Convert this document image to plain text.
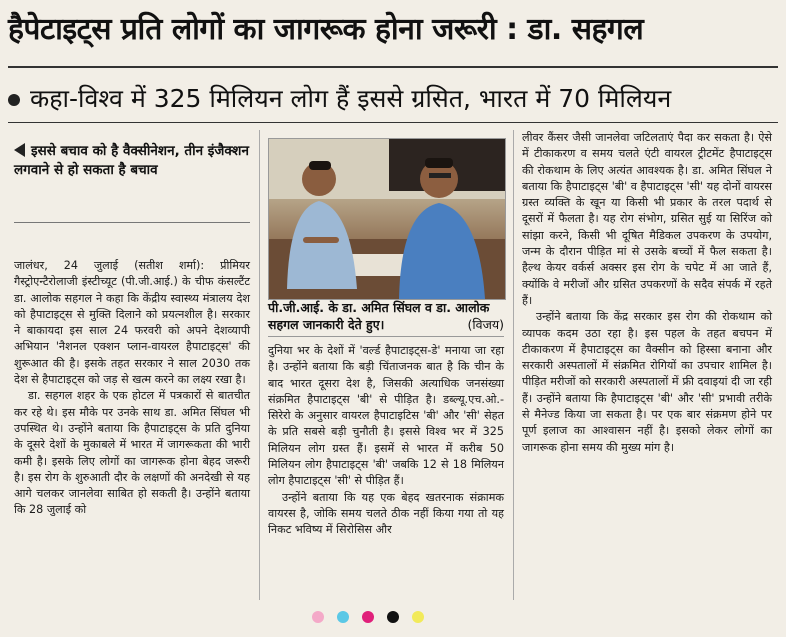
हैपेटाइट्स प्रति लोगों का जागरूक होना जरूरी : डा. सहगल
कहा-विश्व में 325 मिलियन लोग हैं इससे ग्रसित, भारत में 70 मिलियन
इससे बचाव को है वैक्सीनेशन, तीन इंजैक्शन लगवाने से हो सकता है बचाव

जालंधर, 24 जुलाई (सतीश शर्मा): प्रीमियर गैस्ट्रोएन्टैरोलाजी इंस्टीच्यूट (पी.जी.आई.) के चीफ कंसल्टैंट डा. आलोक सहगल ने कहा कि केंद्रीय स्वास्थ्य मंत्रालय देश को हैपाटाइट्स से मुक्ति दिलाने को प्रयत्नशील है। सरकार ने बाकायदा इस साल 24 फरवरी को अपने देशव्यापी अभियान 'नैशनल एक्शन प्लान-वायरल हैपाटाइट्स' की शुरूआत की है। इसके तहत सरकार ने साल 2030 तक देश से हैपाटाइट्स को जड़ से खत्म करने का लक्ष्य रखा है।

डा. सहगल शहर के एक होटल में पत्रकारों से बातचीत कर रहे थे। इस मौके पर उनके साथ डा. अमित सिंघल भी उपस्थित थे। उन्होंने बताया कि हैपाटाइट्स के प्रति दुनिया के दूसरे देशों के मुकाबले में भारत में जागरूकता की भारी कमी है। इसके लिए लोगों का जागरूक होना बेहद जरूरी है। इस रोग के शुरुआती दौर के लक्षणों की अनदेखी से यह आगे चलकर जानलेवा साबित हो सकती है। उन्होंने बताया कि 28 जुलाई को

पी.जी.आई. के डा. अमित सिंघल व डा. आलोक सहगल जानकारी देते हुए।	(विजय)

दुनिया भर के देशों में 'वर्ल्ड हैपाटाइट्स-डे' मनाया जा रहा है। उन्होंने बताया कि बड़ी चिंताजनक बात है कि चीन के बाद भारत दूसरा देश है, जिसकी अत्याधिक जनसंख्या संक्रमित हैपाटाइट्स 'बी' से पीड़ित है। डब्ल्यू.एच.ओ.-सिरेरो के अनुसार वायरल हैपाटाइटिस 'बी' और 'सी' सेहत के प्रति सबसे बड़ी चुनौती है। इससे विश्व भर में 325 मिलियन लोग ग्रस्त हैं। इसमें से भारत में करीब 50 मिलियन लोग हैपाटाइट्स 'बी' जबकि 12 से 18 मिलियन लोग हैपाटाइट्स 'सी' से पीड़ित हैं।

उन्होंने बताया कि यह एक बेहद खतरनाक संक्रामक वायरस है, जोकि समय चलते ठीक नहीं किया गया तो यह निकट भविष्य में सिरोसिस और

लीवर कैंसर जैसी जानलेवा जटिलताएं पैदा कर सकता है। ऐसे में टीकाकरण व समय चलते एंटी वायरल ट्रीटमेंट हैपाटाइट्स की रोकथाम के लिए अत्यंत आवश्यक है। डा. अमित सिंघल ने बताया कि हैपाटाइट्स 'बी' व हैपाटाइट्स 'सी' यह दोनों वायरस ग्रस्त व्यक्ति के खून या किसी भी प्रकार के तरल पदार्थ से दूसरों में फैलता है। यह रोग संभोग, ग्रसित सुई या सिरिंज को सांझा करने, किसी भी दूषित मैडिकल उपकरण के उपयोग, जन्म के दौरान पीड़ित मां से उसके बच्चों में फैल सकता है। हैल्थ केयर वर्कर्स अक्सर इस रोग के चपेट में आ जाते हैं, क्योंकि वे मरीजों और ग्रसित उपकरणों के सदैव संपर्क में रहते हैं।

उन्होंने बताया कि केंद्र सरकार इस रोग की रोकथाम को व्यापक कदम उठा रहा है। इस पहल के तहत बचपन में टीकाकरण में हैपाटाइट्स का वैक्सीन को हिस्सा बनाना और सरकारी अस्पतालों में संक्रमित रोगियों का उपचार शामिल है। पीड़ित मरीजों को सरकारी अस्पतालों में फ्री दवाइयां दी जा रही हैं। उन्होंने बताया कि हैपाटाइट्स 'बी' और 'सी' प्रभावी तरीके से मैनेज्ड किया जा सकता है। पर एक बार संक्रमण होने पर पूर्ण इलाज का आश्वासन नहीं है। इसको लेकर लोगों का जागरूक होना समय की मुख्य मांग है।
